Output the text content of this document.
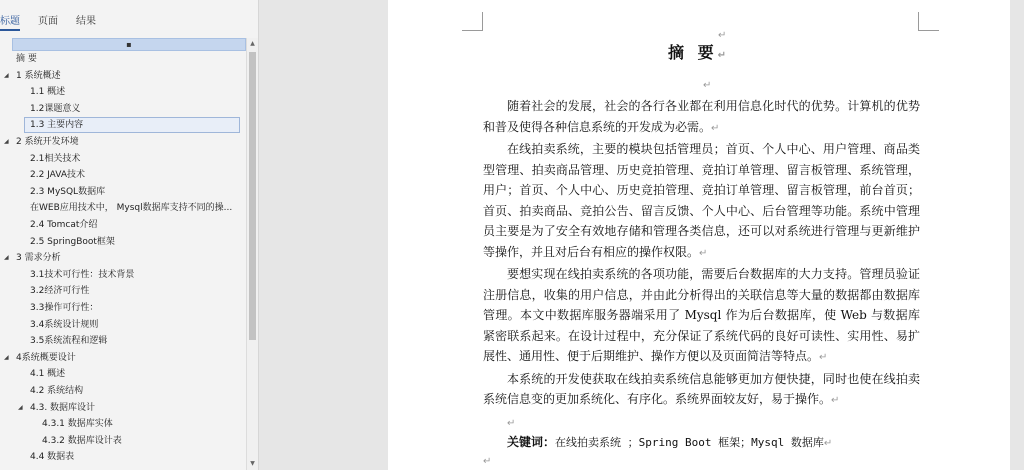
标题 页面 结果
▪
摘 要
◢ 1 系统概述
1.1 概述
1.2课题意义
1.3 主要内容
◢ 2 系统开发环境
2.1相关技术
2.2 JAVA技术
2.3 MySQL数据库
在WEB应用技术中， Mysql数据库支持不同的操...
2.4 Tomcat介绍
2.5 SpringBoot框架
◢ 3 需求分析
3.1技术可行性：技术背景
3.2经济可行性
3.3操作可行性：
3.4系统设计规则
3.5系统流程和逻辑
◢ 4系统概要设计
4.1 概述
4.2 系统结构
◢ 4.3. 数据库设计
4.3.1 数据库实体
4.3.2 数据库设计表
4.4 数据表
▲
▼
↵
摘 要↵
↵

随着社会的发展，社会的各行各业都在利用信息化时代的优势。计算机的优势和普及使得各种信息系统的开发成为必需。↵

在线拍卖系统，主要的模块包括管理员；首页、个人中心、用户管理、商品类型管理、拍卖商品管理、历史竞拍管理、竞拍订单管理、留言板管理、系统管理，用户；首页、个人中心、历史竞拍管理、竞拍订单管理、留言板管理，前台首页；首页、拍卖商品、竞拍公告、留言反馈、个人中心、后台管理等功能。系统中管理员主要是为了安全有效地存储和管理各类信息，还可以对系统进行管理与更新维护等操作，并且对后台有相应的操作权限。↵

要想实现在线拍卖系统的各项功能，需要后台数据库的大力支持。管理员验证注册信息，收集的用户信息，并由此分析得出的关联信息等大量的数据都由数据库管理。本文中数据库服务器端采用了 Mysql 作为后台数据库，使 Web 与数据库紧密联系起来。在设计过程中，充分保证了系统代码的良好可读性、实用性、易扩展性、通用性、便于后期维护、操作方便以及页面简洁等特点。↵

本系统的开发使获取在线拍卖系统信息能够更加方便快捷，同时也使在线拍卖系统信息变的更加系统化、有序化。系统界面较友好，易于操作。↵

↵

关键词：在线拍卖系统 ；Spring Boot 框架；Mysql 数据库↵

↵
